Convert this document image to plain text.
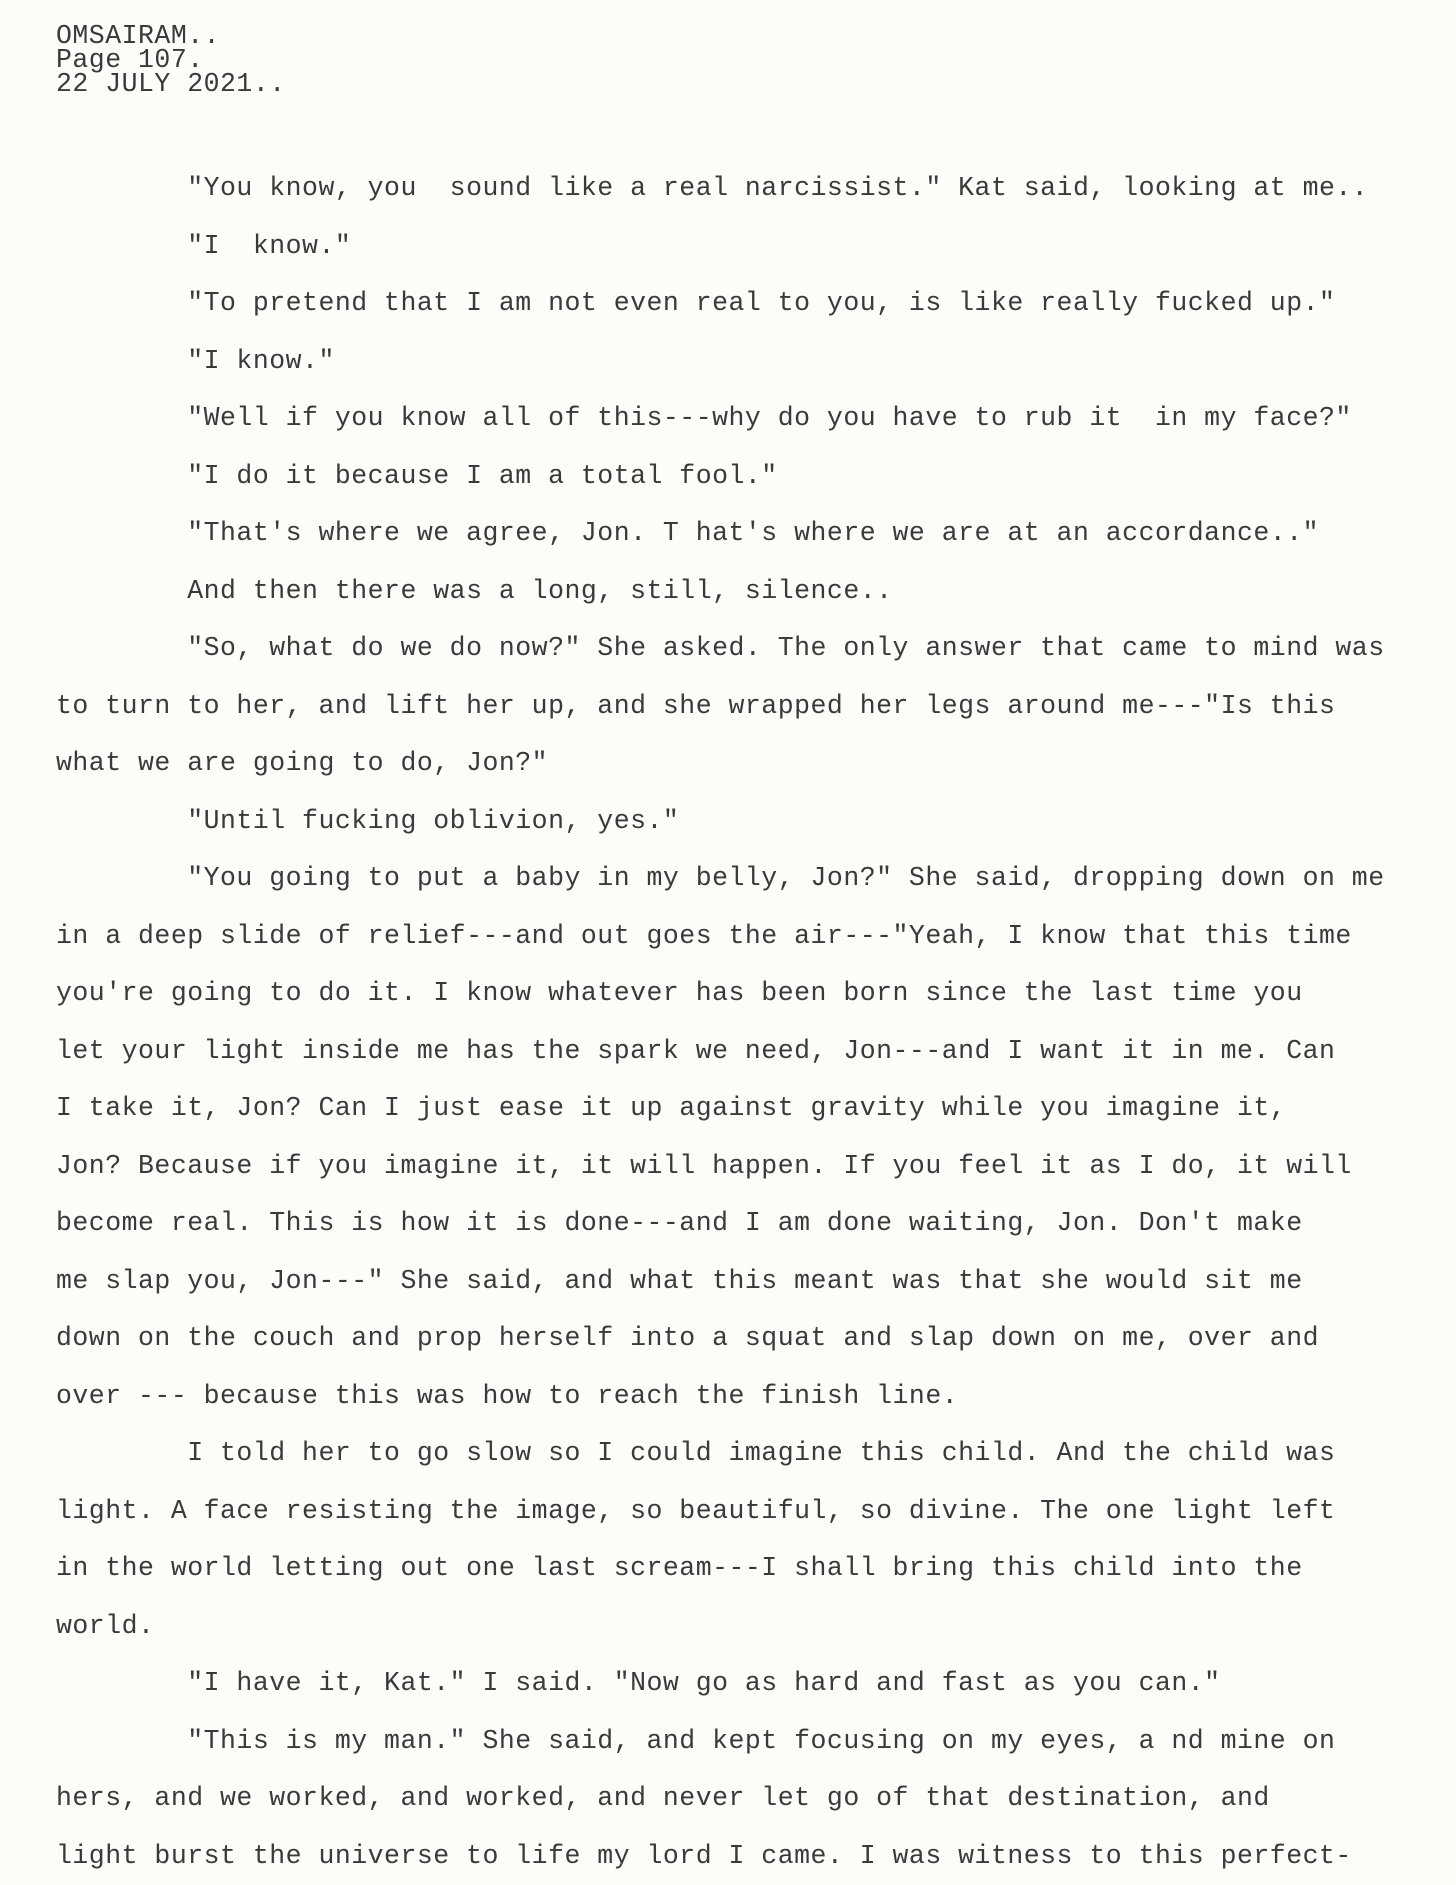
OMSAIRAM..
Page 107.
22 JULY 2021..
"You know, you  sound like a real narcissist." Kat said, looking at me..
"I  know."
"To pretend that I am not even real to you, is like really fucked up."
"I know."
"Well if you know all of this---why do you have to rub it  in my face?"
"I do it because I am a total fool."
"That's where we agree, Jon. T hat's where we are at an accordance.."
And then there was a long, still, silence..
"So, what do we do now?" She asked. The only answer that came to mind was
to turn to her, and lift her up, and she wrapped her legs around me---"Is this
what we are going to do, Jon?"
"Until fucking oblivion, yes."
"You going to put a baby in my belly, Jon?" She said, dropping down on me
in a deep slide of relief---and out goes the air---"Yeah, I know that this time
you're going to do it. I know whatever has been born since the last time you
let your light inside me has the spark we need, Jon---and I want it in me. Can
I take it, Jon? Can I just ease it up against gravity while you imagine it,
Jon? Because if you imagine it, it will happen. If you feel it as I do, it will
become real. This is how it is done---and I am done waiting, Jon. Don't make
me slap you, Jon---" She said, and what this meant was that she would sit me
down on the couch and prop herself into a squat and slap down on me, over and
over --- because this was how to reach the finish line.
I told her to go slow so I could imagine this child. And the child was
light. A face resisting the image, so beautiful, so divine. The one light left
in the world letting out one last scream---I shall bring this child into the
world.
"I have it, Kat." I said. "Now go as hard and fast as you can."
"This is my man." She said, and kept focusing on my eyes, a nd mine on
hers, and we worked, and worked, and never let go of that destination, and
light burst the universe to life my lord I came. I was witness to this perfect-
